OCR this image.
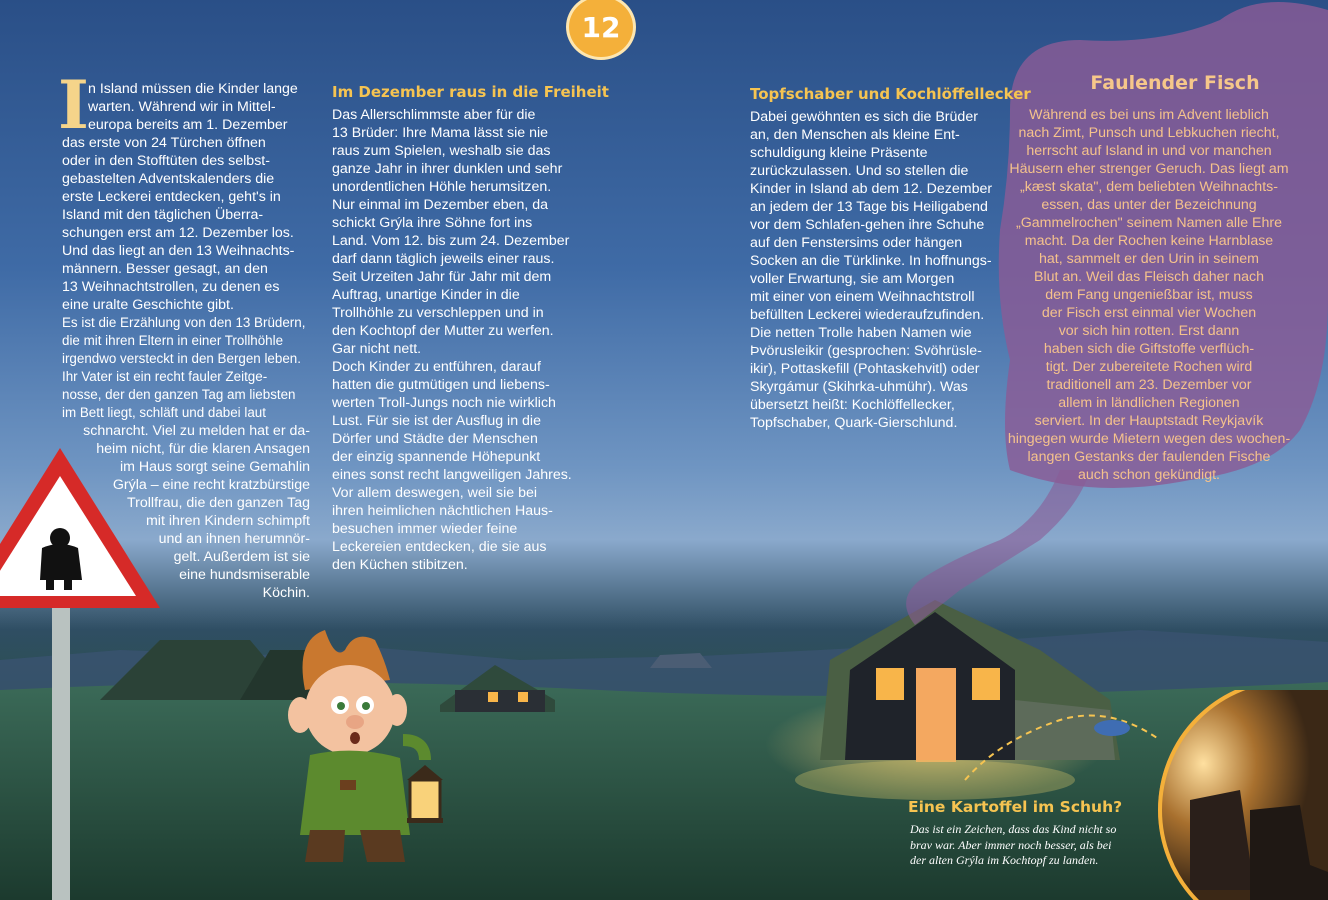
12
I n Island müssen die Kinder lange
warten. Während wir in Mittel-
europa bereits am 1. Dezember
das erste von 24 Türchen öffnen
oder in den Stofftüten des selbst-
gebastelten Adventskalenders die
erste Leckerei entdecken, geht's in
Island mit den täglichen Überra-
schungen erst am 12. Dezember los.
Und das liegt an den 13 Weihnachts-
männern. Besser gesagt, an den
13 Weihnachtstrollen, zu denen es
eine uralte Geschichte gibt.
Es ist die Erzählung von den 13 Brüdern,
die mit ihren Eltern in einer Trollhöhle
irgendwo versteckt in den Bergen leben.
Ihr Vater ist ein recht fauler Zeitge-
nosse, der den ganzen Tag am liebsten
im Bett liegt, schläft und dabei laut

schnarcht. Viel zu melden hat er da-
heim nicht, für die klaren Ansagen
im Haus sorgt seine Gemahlin
Grýla – eine recht kratzbürstige
Trollfrau, die den ganzen Tag
mit ihren Kindern schimpft
und an ihnen herumnör-
gelt. Außerdem ist sie
eine hundsmiserable
Köchin.

Im Dezember raus in die Freiheit

Das Allerschlimmste aber für die
13 Brüder: Ihre Mama lässt sie nie
raus zum Spielen, weshalb sie das
ganze Jahr in ihrer dunklen und sehr
unordentlichen Höhle herumsitzen.
Nur einmal im Dezember eben, da
schickt Grýla ihre Söhne fort ins
Land. Vom 12. bis zum 24. Dezember
darf dann täglich jeweils einer raus.
Seit Urzeiten Jahr für Jahr mit dem
Auftrag, unartige Kinder in die
Trollhöhle zu verschleppen und in
den Kochtopf der Mutter zu werfen.
Gar nicht nett.
Doch Kinder zu entführen, darauf
hatten die gutmütigen und liebens-
werten Troll-Jungs noch nie wirklich
Lust. Für sie ist der Ausflug in die
Dörfer und Städte der Menschen
der einzig spannende Höhepunkt
eines sonst recht langweiligen Jahres.
Vor allem deswegen, weil sie bei
ihren heimlichen nächtlichen Haus-
besuchen immer wieder feine
Leckereien entdecken, die sie aus
den Küchen stibitzen.

Topfschaber und Kochlöffellecker

Dabei gewöhnten es sich die Brüder
an, den Menschen als kleine Ent-
schuldigung kleine Präsente
zurückzulassen. Und so stellen die
Kinder in Island ab dem 12. Dezember
an jedem der 13 Tage bis Heiligabend
vor dem Schlafen-gehen ihre Schuhe
auf den Fenstersims oder hängen
Socken an die Türklinke. In hoffnungs-
voller Erwartung, sie am Morgen
mit einer von einem Weihnachtstroll
befüllten Leckerei wiederaufzufinden.
Die netten Trolle haben Namen wie
Þvörusleikir (gesprochen: Svöhrüsle-
ikir), Pottaskefill (Pohtaskehvitl) oder
Skyrgámur (Skihrka-uhmühr). Was
übersetzt heißt: Kochlöffellecker,
Topfschaber, Quark-Gierschlund.

Faulender Fisch

Während es bei uns im Advent lieblich
nach Zimt, Punsch und Lebkuchen riecht,
herrscht auf Island in und vor manchen
Häusern eher strenger Geruch. Das liegt am
„kæst skata", dem beliebten Weihnachts-
essen, das unter der Bezeichnung
„Gammelrochen" seinem Namen alle Ehre
macht. Da der Rochen keine Harnblase
hat, sammelt er den Urin in seinem
Blut an. Weil das Fleisch daher nach
dem Fang ungenießbar ist, muss
der Fisch erst einmal vier Wochen
vor sich hin rotten. Erst dann
haben sich die Giftstoffe verflüch-
tigt. Der zubereitete Rochen wird
traditionell am 23. Dezember vor
allem in ländlichen Regionen
serviert. In der Hauptstadt Reykjavík
hingegen wurde Mietern wegen des wochen-
langen Gestanks der faulenden Fische
auch schon gekündigt.

Eine Kartoffel im Schuh?

Das ist ein Zeichen, dass das Kind nicht so
brav war. Aber immer noch besser, als bei
der alten Grýla im Kochtopf zu landen.
